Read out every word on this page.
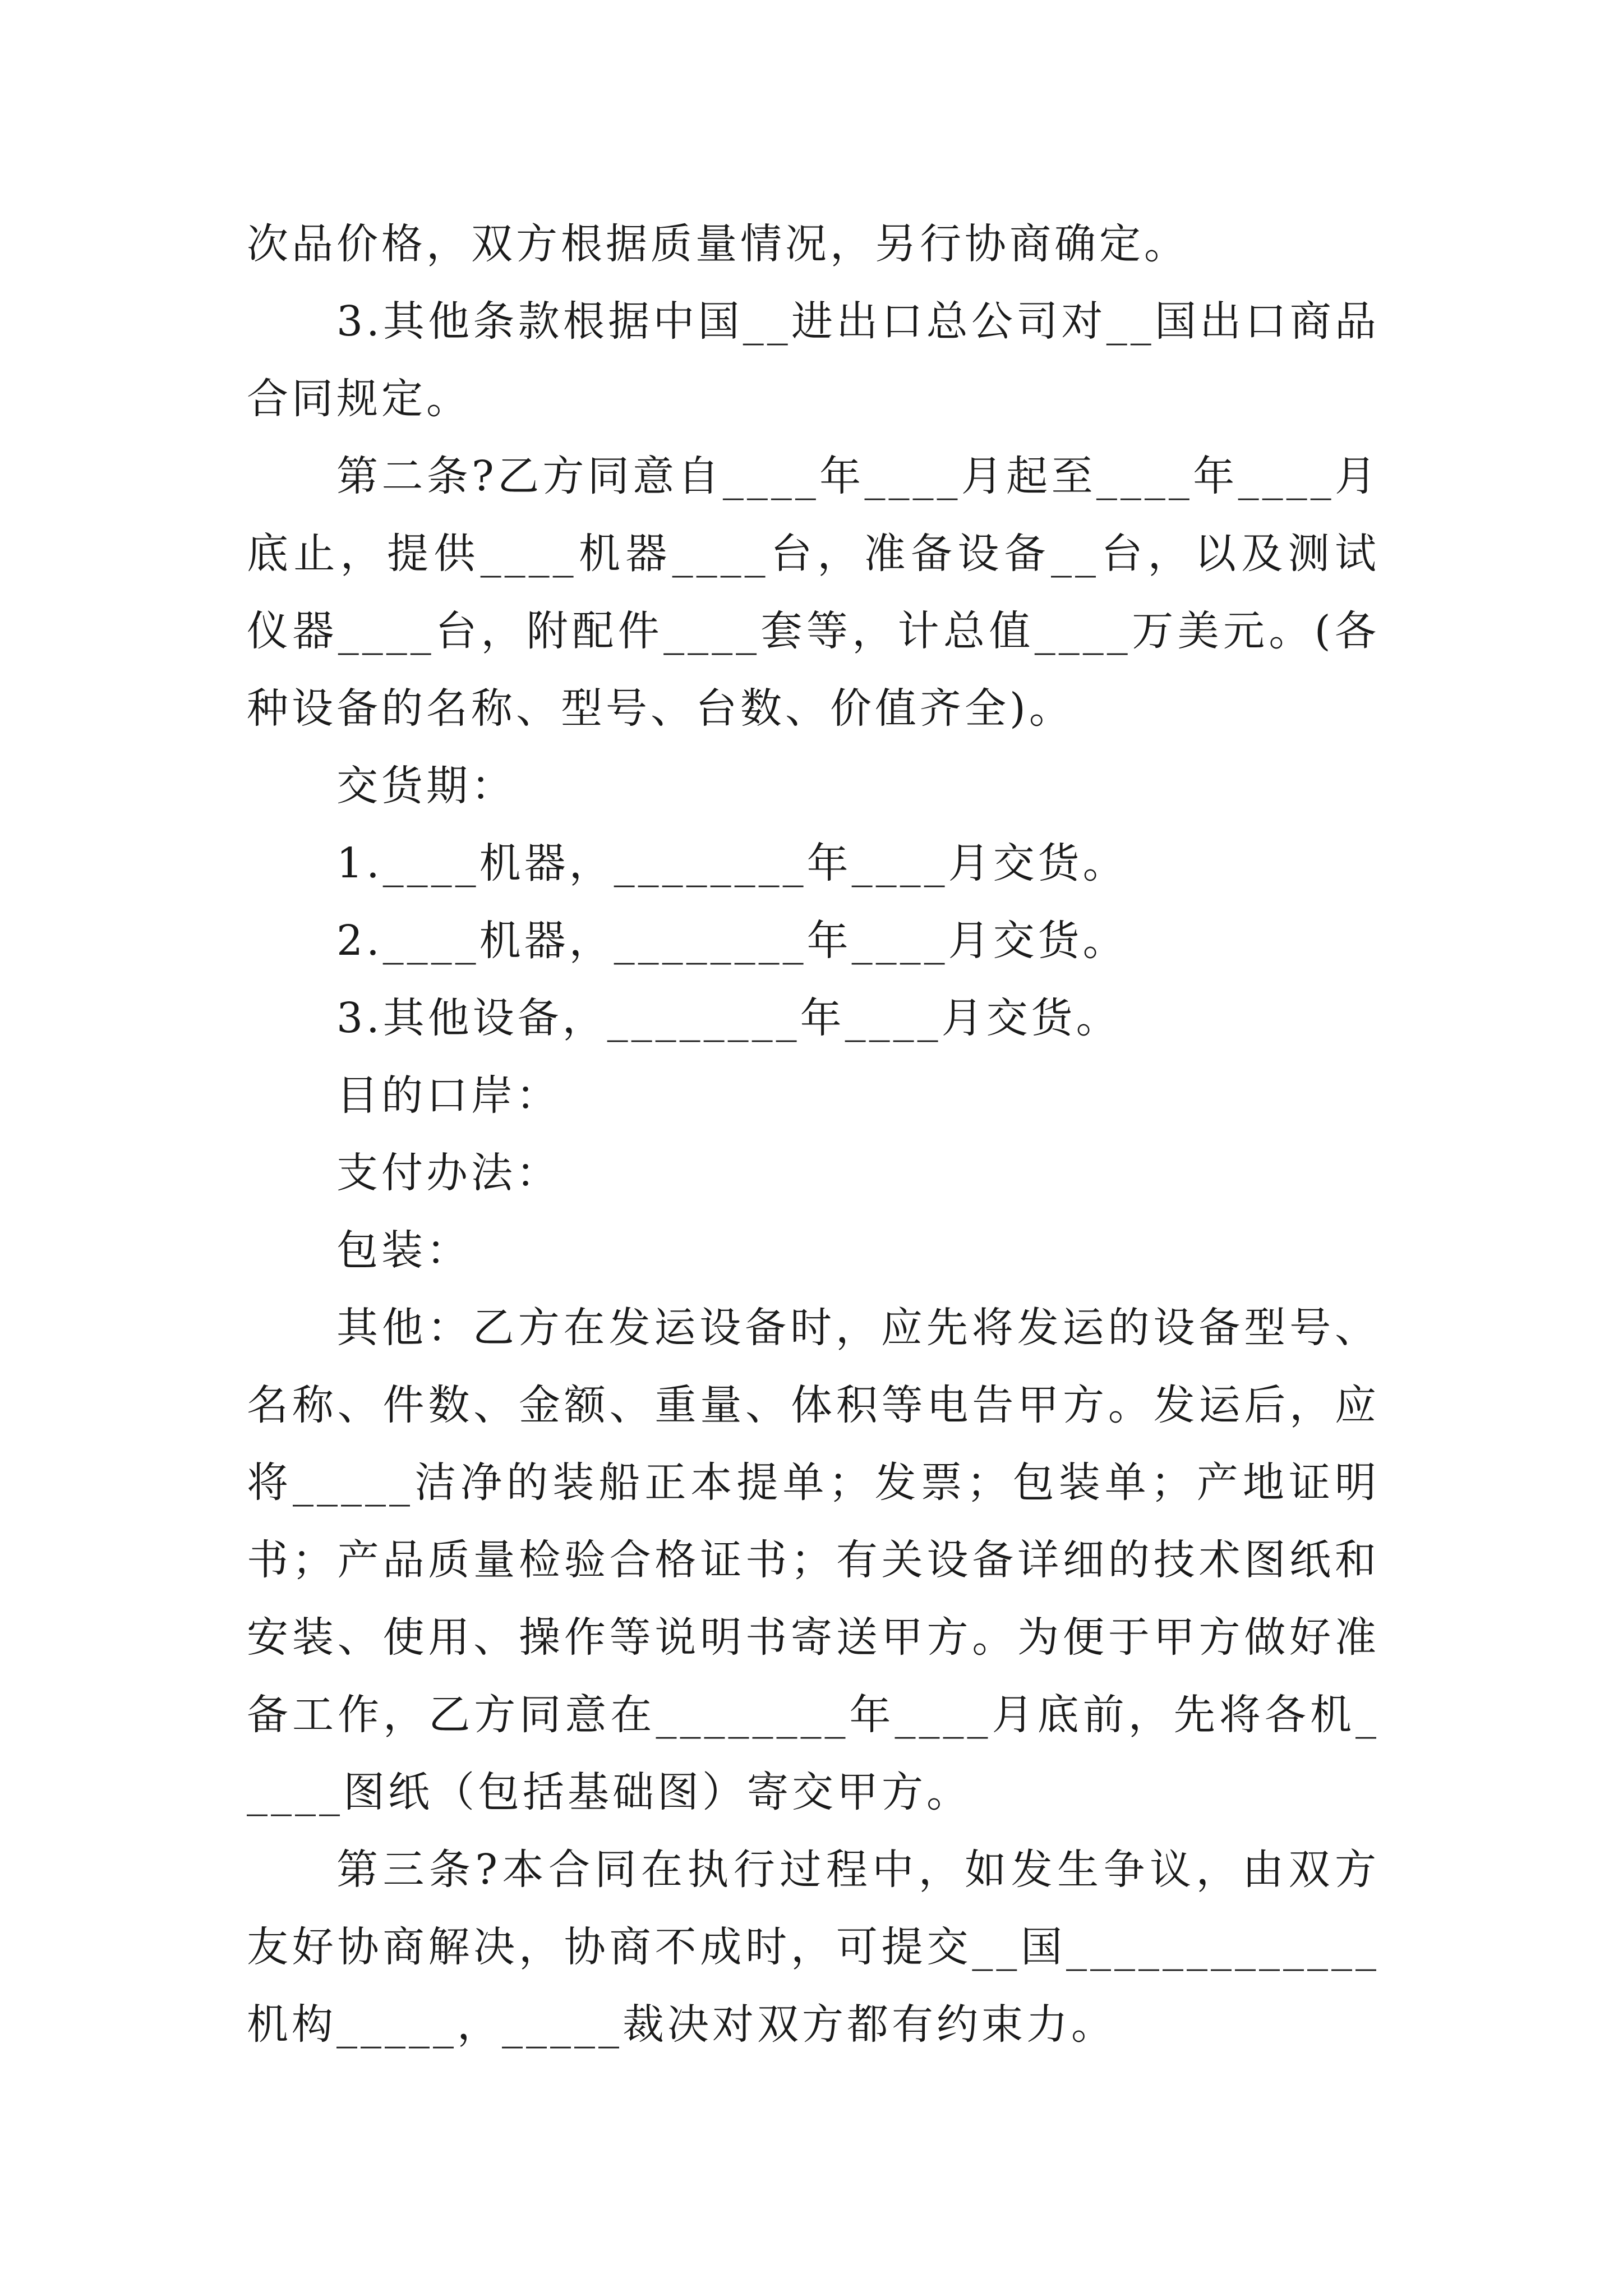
次品价格，双方根据质量情况，另行协商确定。

3.其他条款根据中国__进出口总公司对__国出口商品合同规定。

第二条?乙方同意自____年____月起至____年____月底止，提供____机器____台，准备设备__台，以及测试仪器____台，附配件____套等，计总值____万美元。(各种设备的名称、型号、台数、价值齐全)。

交货期：

1.____机器，________年____月交货。

2.____机器，________年____月交货。

3.其他设备，________年____月交货。

目的口岸：

支付办法：

包装：

其他：乙方在发运设备时，应先将发运的设备型号、名称、件数、金额、重量、体积等电告甲方。发运后，应将_____洁净的装船正本提单；发票；包装单；产地证明书；产品质量检验合格证书；有关设备详细的技术图纸和安装、使用、操作等说明书寄送甲方。为便于甲方做好准备工作，乙方同意在________年____月底前，先将各机_____图纸（包括基础图）寄交甲方。

第三条?本合同在执行过程中，如发生争议，由双方友好协商解决，协商不成时，可提交__国_____________机构_____，_____裁决对双方都有约束力。
